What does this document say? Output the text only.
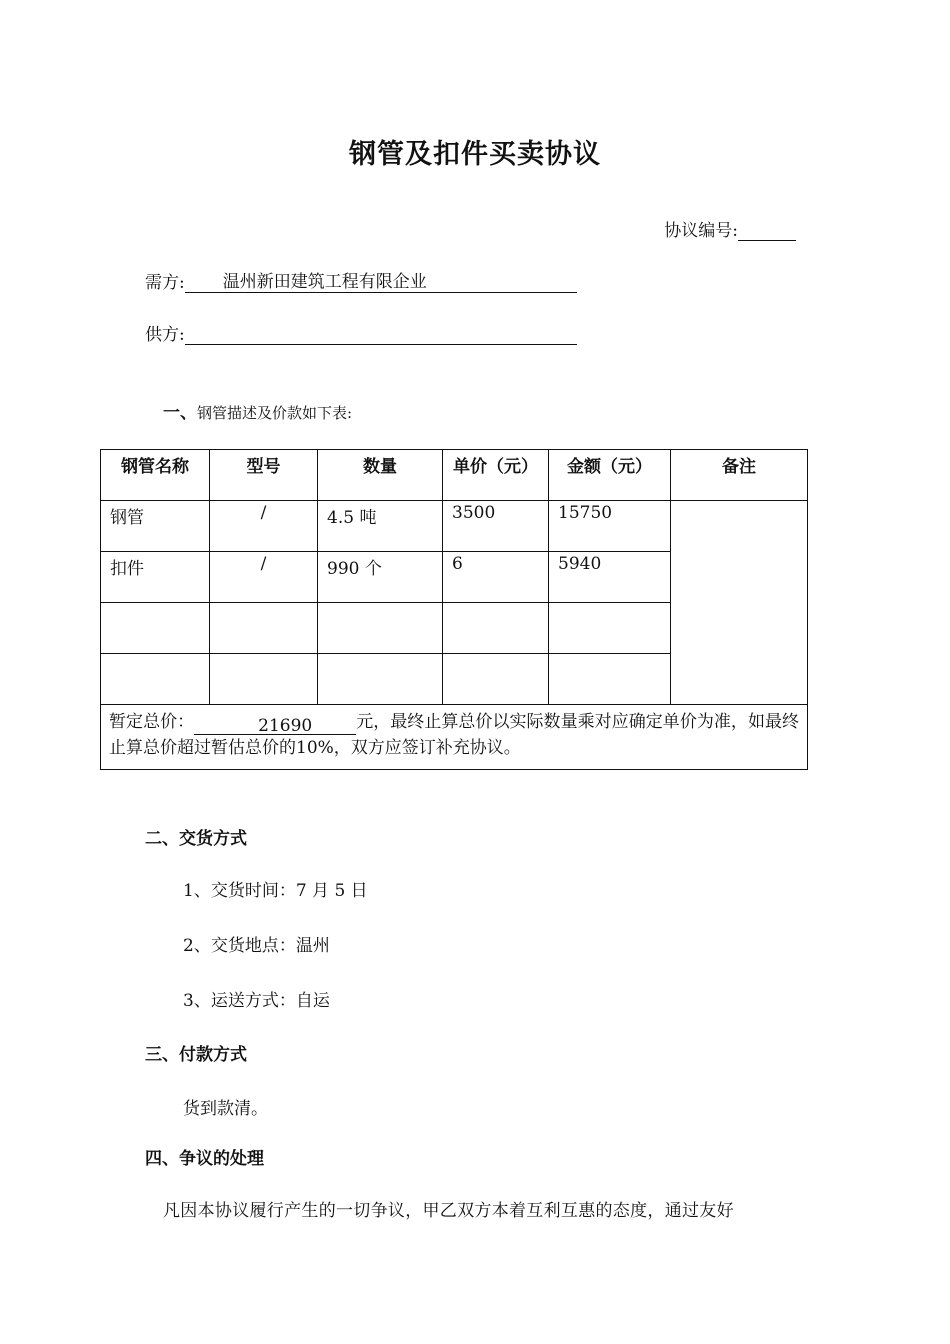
钢管及扣件买卖协议
协议编号:
需方: 温州新田建筑工程有限企业
供方:
一、钢管描述及价款如下表:
钢管名称	型号	数量	单价（元）	金额（元）	备注
钢管	/	4.5 吨	3500	15750	
扣件	/	990 个	6	5940	

暂定总价： 21690 元，最终止算总价以实际数量乘对应确定单价为准，如最终止算总价超过暂估总价的10%，双方应签订补充协议。					
二、交货方式
1、交货时间：7 月 5 日
2、交货地点：温州
3、运送方式：自运
三、付款方式
货到款清。
四、争议的处理
凡因本协议履行产生的一切争议，甲乙双方本着互利互惠的态度，通过友好
